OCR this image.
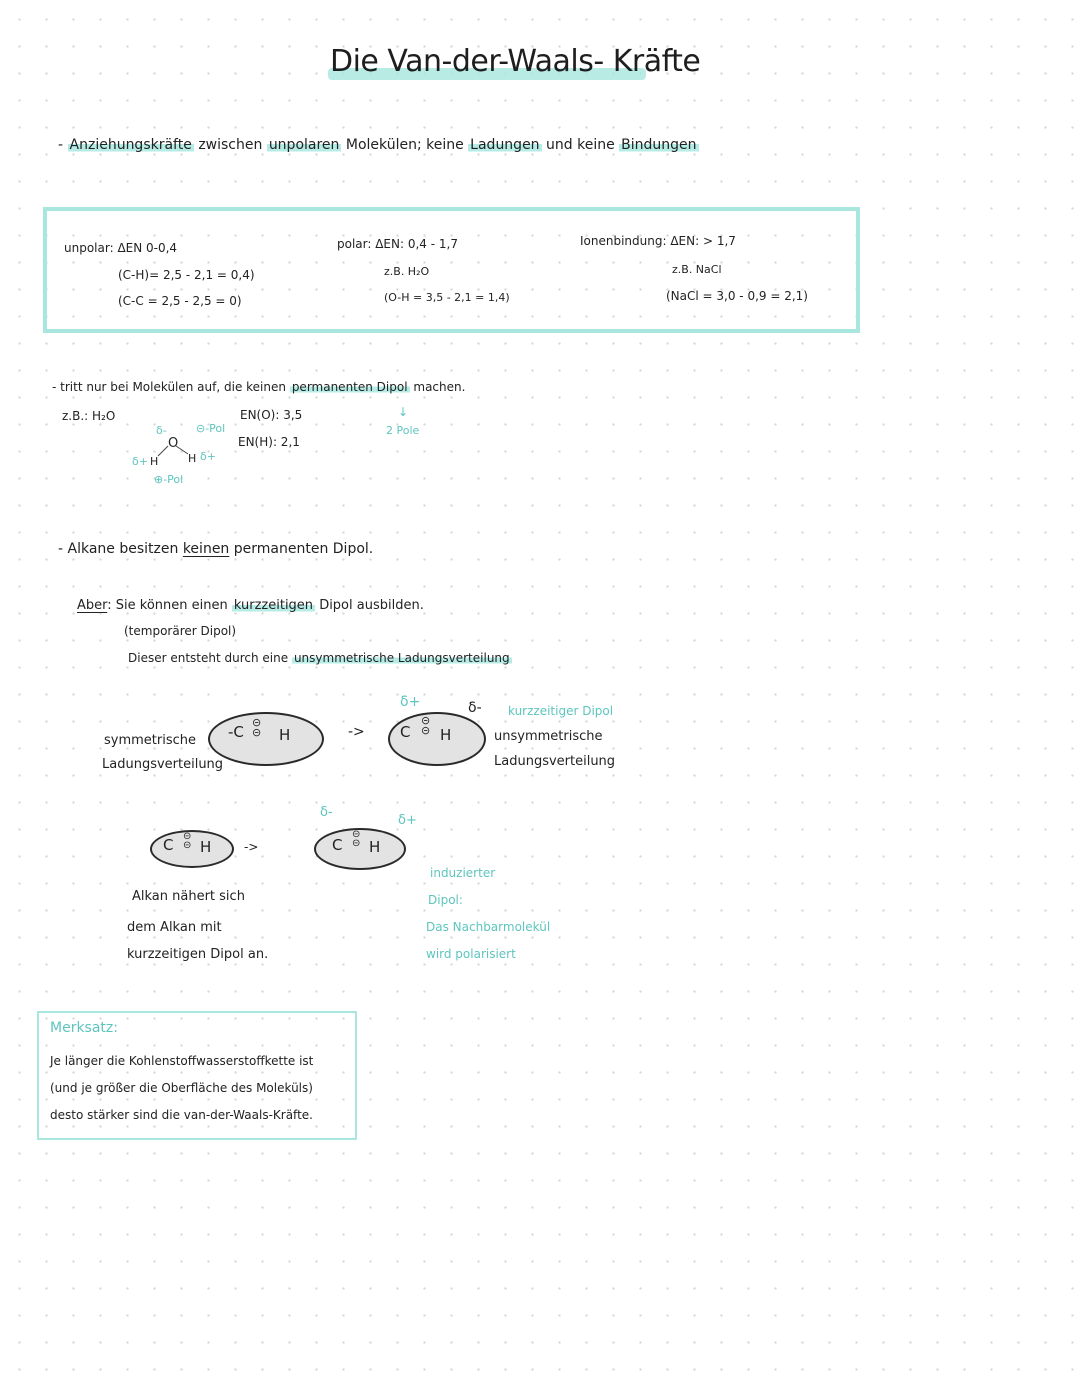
Die Van-der-Waals- Kräfte
- Anziehungskräfte zwischen unpolaren Molekülen; keine Ladungen und keine Bindungen
unpolar: ΔEN 0-0,4
(C-H)= 2,5 - 2,1 = 0,4)
(C-C = 2,5 - 2,5 = 0)
polar: ΔEN: 0,4 - 1,7
z.B. H₂O
(O-H = 3,5 - 2,1 = 1,4)
Ionenbindung: ΔEN: > 1,7
z.B. NaCl
(NaCl = 3,0 - 0,9 = 2,1)
- tritt nur bei Molekülen auf, die keinen permanenten Dipol machen.
z.B.: H₂O	EN(O): 3,5
EN(H): 2,1
↓
2 Pole
δ-
O
⊝-Pol
δ+ H	H δ+
⊕-Pol
- Alkane besitzen keinen permanenten Dipol.
Aber: Sie können einen kurzzeitigen Dipol ausbilden.
(temporärer Dipol)
Dieser entsteht durch eine unsymmetrische Ladungsverteilung
symmetrische
Ladungsverteilung
-C
⊝
⊝ H	-> C
⊝
⊝ H
δ+	δ- kurzzeitiger Dipol
unsymmetrische
Ladungsverteilung
C ⊝
⊝ H	->
δ-
δ+
C
⊝
⊝ H
Alkan nähert sich
dem Alkan mit
kurzzeitigen Dipol an.
induzierter
Dipol:
Das Nachbarmolekül
wird polarisiert
Merksatz:
Je länger die Kohlenstoffwasserstoffkette ist
(und je größer die Oberfläche des Moleküls)
desto stärker sind die van-der-Waals-Kräfte.
